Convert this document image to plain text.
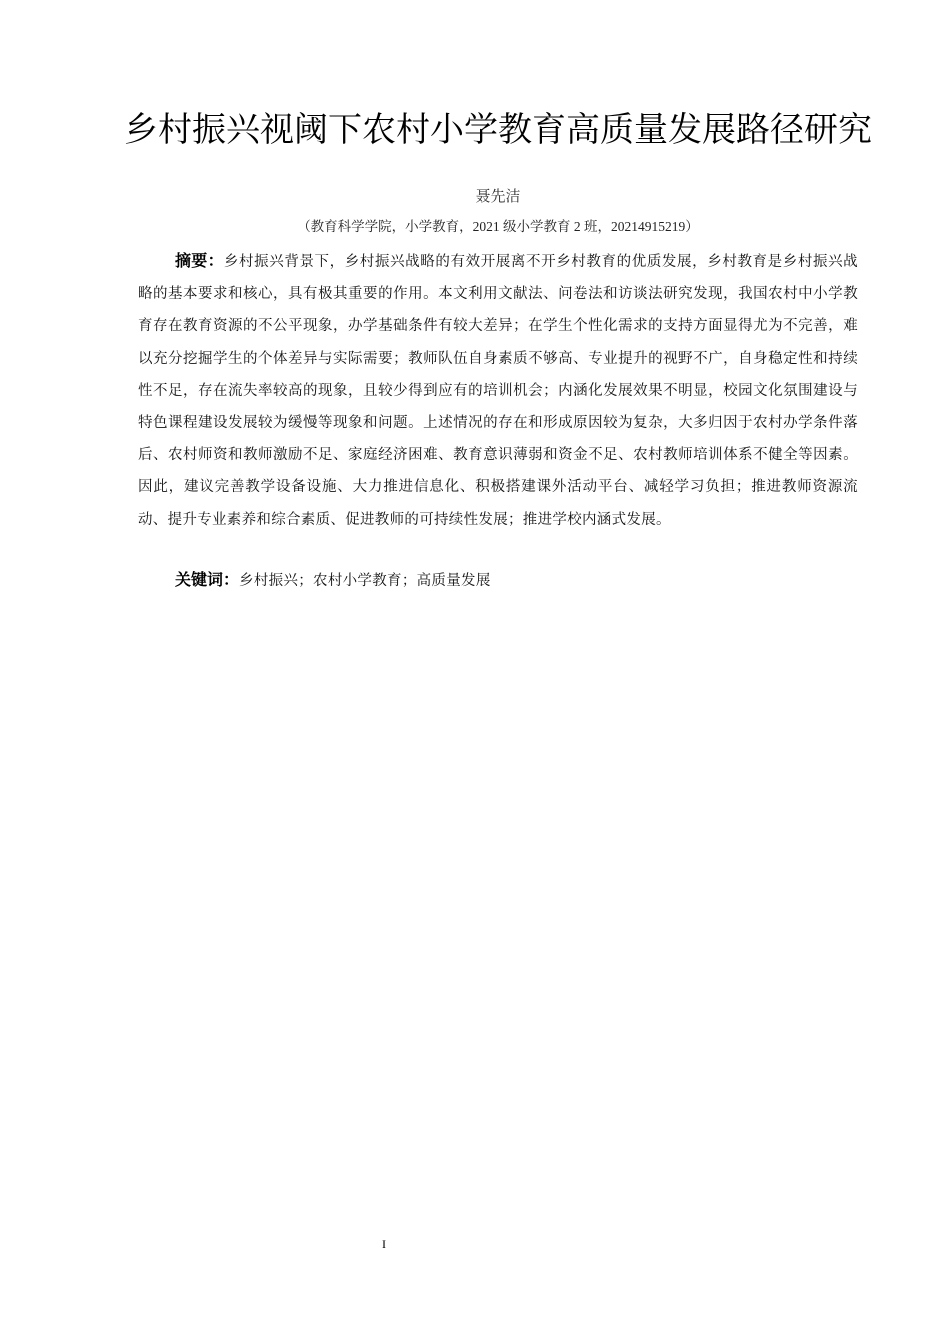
乡村振兴视阈下农村小学教育高质量发展路径研究
聂先洁
（教育科学学院，小学教育，2021 级小学教育 2 班，20214915219）

摘要：乡村振兴背景下，乡村振兴战略的有效开展离不开乡村教育的优质发展，乡村教育是乡村振兴战略的基本要求和核心，具有极其重要的作用。本文利用文献法、问卷法和访谈法研究发现，我国农村中小学教育存在教育资源的不公平现象，办学基础条件有较大差异；在学生个性化需求的支持方面显得尤为不完善，难以充分挖掘学生的个体差异与实际需要；教师队伍自身素质不够高、专业提升的视野不广，自身稳定性和持续性不足，存在流失率较高的现象，且较少得到应有的培训机会；内涵化发展效果不明显，校园文化氛围建设与特色课程建设发展较为缓慢等现象和问题。上述情况的存在和形成原因较为复杂，大多归因于农村办学条件落后、农村师资和教师激励不足、家庭经济困难、教育意识薄弱和资金不足、农村教师培训体系不健全等因素。因此，建议完善教学设备设施、大力推进信息化、积极搭建课外活动平台、减轻学习负担；推进教师资源流动、提升专业素养和综合素质、促进教师的可持续性发展；推进学校内涵式发展。

关键词：乡村振兴；农村小学教育；高质量发展

I
